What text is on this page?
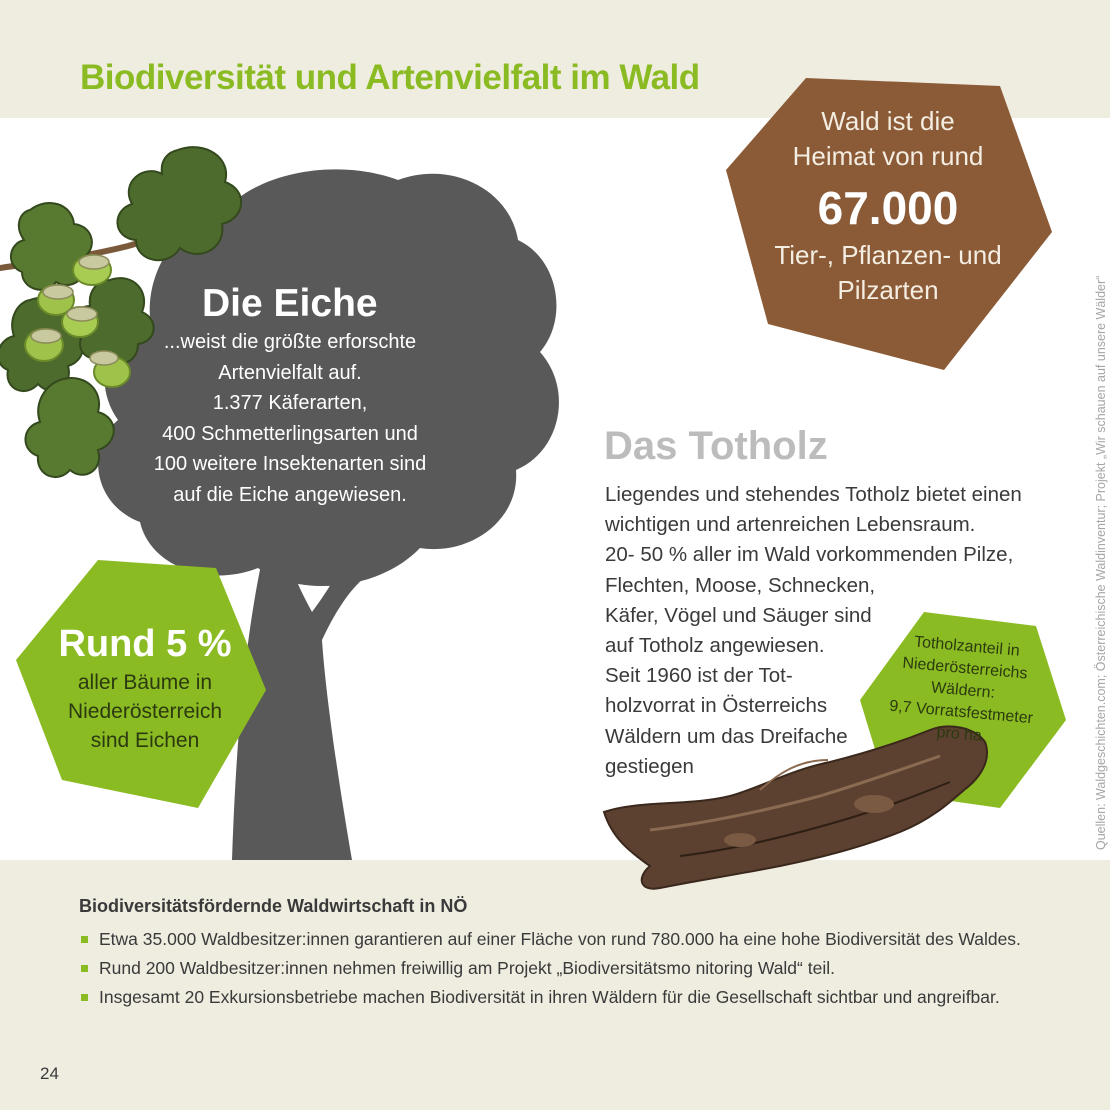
Biodiversität und Artenvielfalt im Wald
Wald ist die
Heimat von rund
67.000
Tier-, Pflanzen- und
Pilzarten
Die Eiche
...weist die größte erforschte
Artenvielfalt auf.
1.377 Käferarten,
400 Schmetterlingsarten und
100 weitere Insektenarten sind
auf die Eiche angewiesen.
Rund 5 %
aller Bäume in
Niederösterreich
sind Eichen
Das Totholz
Liegendes und stehendes Totholz bietet einen
wichtigen und artenreichen Lebensraum.
20- 50 % aller im Wald vorkommenden Pilze,
Flechten, Moose, Schnecken,
Käfer, Vögel und Säuger sind
auf Totholz angewiesen.
Seit 1960 ist der Tot-
holzvorrat in Österreichs
Wäldern um das Dreifache
gestiegen
Totholzanteil in
Niederösterreichs
Wäldern:
9,7 Vorratsfestmeter
pro ha	Quellen: Waldgeschichten.com; Österreichische Waldinventur; Projekt „Wir schauen auf unsere Wälder“
Biodiversitätsfördernde Waldwirtschaft in NÖ
Etwa 35.000 Waldbesitzer:innen garantieren auf einer Fläche von rund 780.000 ha eine hohe Biodiversität des Waldes.
Rund 200 Waldbesitzer:innen nehmen freiwillig am Projekt „Biodiversitätsmo nitoring Wald“ teil.
Insgesamt 20 Exkursionsbetriebe machen Biodiversität in ihren Wäldern für die Gesellschaft sichtbar und angreifbar.
24
